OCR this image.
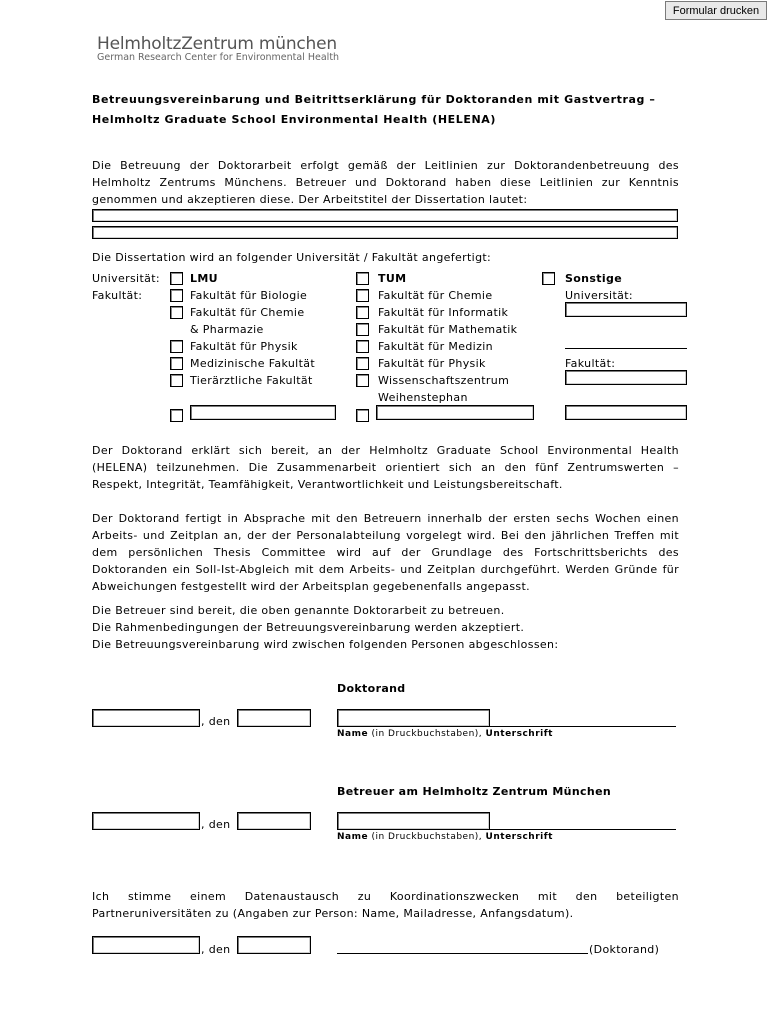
Formular drucken
HelmholtzZentrum münchen
German Research Center for Environmental Health
Betreuungsvereinbarung und Beitrittserklärung für Doktoranden mit Gastvertrag –
Helmholtz Graduate School Environmental Health (HELENA)
Die Betreuung der Doktorarbeit erfolgt gemäß der Leitlinien zur Doktorandenbetreuung des
Helmholtz Zentrums Münchens. Betreuer und Doktorand haben diese Leitlinien zur Kenntnis
genommen und akzeptieren diese. Der Arbeitstitel der Dissertation lautet:
Die Dissertation wird an folgender Universität / Fakultät angefertigt:
Universität:
Fakultät:
LMU
Fakultät für Biologie
Fakultät für Chemie
& Pharmazie
Fakultät für Physik
Medizinische Fakultät
Tierärztliche Fakultät
TUM
Fakultät für Chemie
Fakultät für Informatik
Fakultät für Mathematik
Fakultät für Medizin
Fakultät für Physik
Wissenschaftszentrum
Weihenstephan
Sonstige
Universität:
Fakultät:
Der Doktorand erklärt sich bereit, an der Helmholtz Graduate School Environmental Health
(HELENA) teilzunehmen. Die Zusammenarbeit orientiert sich an den fünf Zentrumswerten –
Respekt, Integrität, Teamfähigkeit, Verantwortlichkeit und Leistungsbereitschaft.
Der Doktorand fertigt in Absprache mit den Betreuern innerhalb der ersten sechs Wochen einen
Arbeits- und Zeitplan an, der der Personalabteilung vorgelegt wird. Bei den jährlichen Treffen mit
dem persönlichen Thesis Committee wird auf der Grundlage des Fortschrittsberichts des
Doktoranden ein Soll-Ist-Abgleich mit dem Arbeits- und Zeitplan durchgeführt. Werden Gründe für
Abweichungen festgestellt wird der Arbeitsplan gegebenenfalls angepasst.
Die Betreuer sind bereit, die oben genannte Doktorarbeit zu betreuen.
Die Rahmenbedingungen der Betreuungsvereinbarung werden akzeptiert.
Die Betreuungsvereinbarung wird zwischen folgenden Personen abgeschlossen:
Doktorand
, den
Name (in Druckbuchstaben), Unterschrift
Betreuer am Helmholtz Zentrum München
, den
Name (in Druckbuchstaben), Unterschrift
Ich stimme einem Datenaustausch zu Koordinationszwecken mit den beteiligten
Partneruniversitäten zu (Angaben zur Person: Name, Mailadresse, Anfangsdatum).
, den	(Doktorand)
